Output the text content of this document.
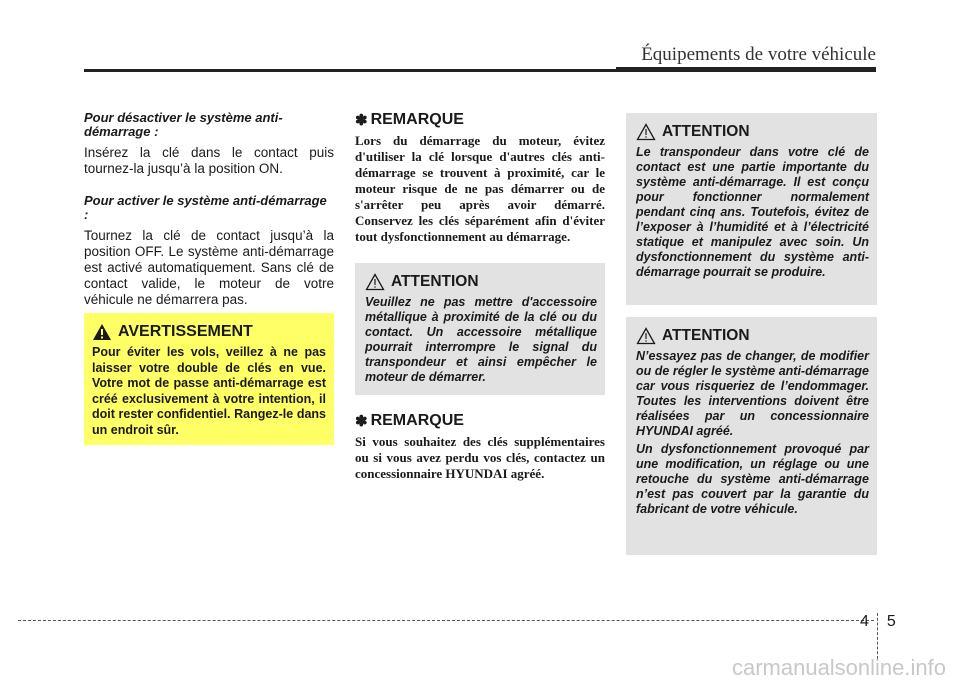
Équipements de votre véhicule

Pour désactiver le système anti-démarrage :

Insérez la clé dans le contact puis tournez-la jusqu’à la position ON.

Pour activer le système anti-démarrage :

Tournez la clé de contact jusqu’à la position OFF. Le système anti-démarrage est activé automatiquement. Sans clé de contact valide, le moteur de votre véhicule ne démarrera pas.

AVERTISSEMENT
Pour éviter les vols, veillez à ne pas laisser votre double de clés en vue. Votre mot de passe anti-démarrage est créé exclusivement à votre intention, il doit rester confidentiel. Rangez-le dans un endroit sûr.
✽ REMARQUE

Lors du démarrage du moteur, évitez d'utiliser la clé lorsque d'autres clés anti-démarrage se trouvent à proximité, car le moteur risque de ne pas démarrer ou de s'arrêter peu après avoir démarré. Conservez les clés séparément afin d'éviter tout dysfonctionnement au démarrage.

ATTENTION

Veuillez ne pas mettre d'accessoire métallique à proximité de la clé ou du contact. Un accessoire métallique pourrait interrompre le signal du transpondeur et ainsi empêcher le moteur de démarrer.

✽ REMARQUE

Si vous souhaitez des clés supplémentaires ou si vous avez perdu vos clés, contactez un concessionnaire HYUNDAI agréé.

ATTENTION

Le transpondeur dans votre clé de contact est une partie importante du système anti-démarrage. Il est conçu pour fonctionner normalement pendant cinq ans. Toutefois, évitez de l’exposer à l’humidité et à l’électricité statique et manipulez avec soin. Un dysfonctionnement du système anti-démarrage pourrait se produire.

ATTENTION

N’essayez pas de changer, de modifier ou de régler le système anti-démarrage car vous risqueriez de l’endommager. Toutes les interventions doivent être réalisées par un concessionnaire HYUNDAI agréé.

Un dysfonctionnement provoqué par une modification, un réglage ou une retouche du système anti-démarrage n’est pas couvert par la garantie du fabricant de votre véhicule.

4 5
carmanualsonline.info
